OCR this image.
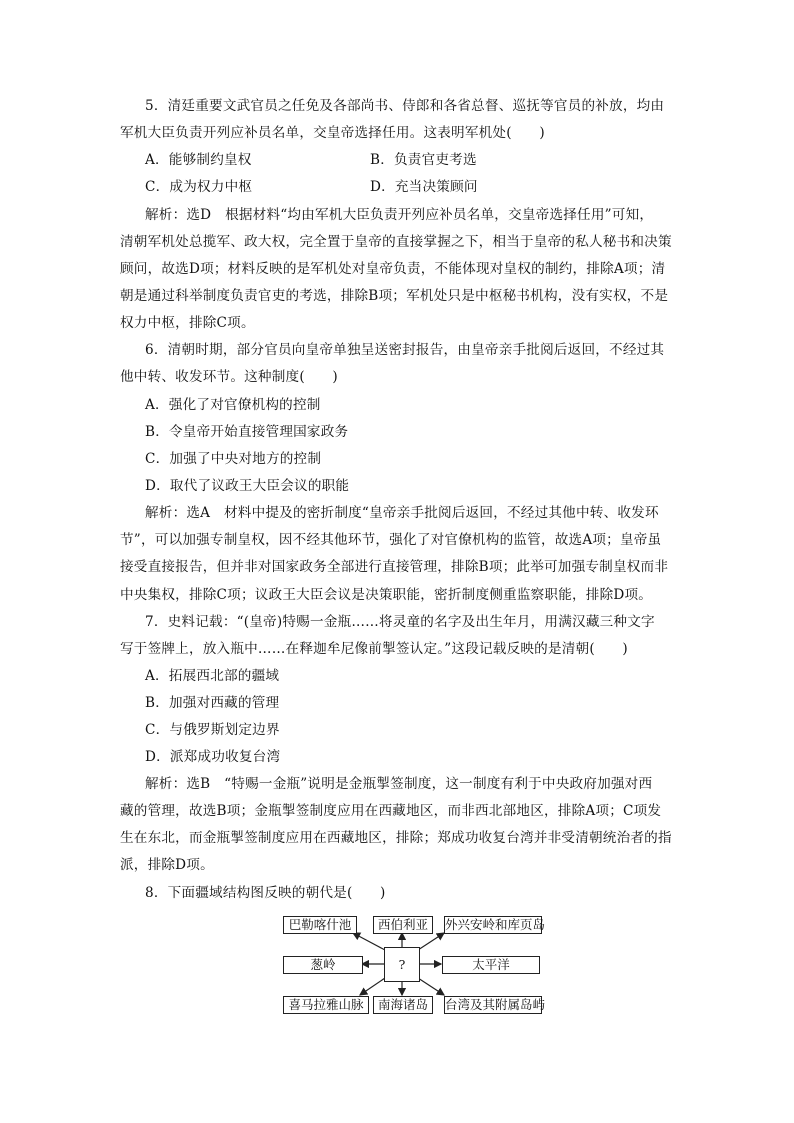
5．清廷重要文武官员之任免及各部尚书、侍郎和各省总督、巡抚等官员的补放，均由
军机大臣负责开列应补员名单，交皇帝选择任用。这表明军机处(　　)
A．能够制约皇权	B．负责官吏考选
C．成为权力中枢	D．充当决策顾问
解析：选D　根据材料“均由军机大臣负责开列应补员名单，交皇帝选择任用”可知，
清朝军机处总揽军、政大权，完全置于皇帝的直接掌握之下，相当于皇帝的私人秘书和决策
顾问，故选D项；材料反映的是军机处对皇帝负责，不能体现对皇权的制约，排除A项；清
朝是通过科举制度负责官吏的考选，排除B项；军机处只是中枢秘书机构，没有实权，不是
权力中枢，排除C项。
6．清朝时期，部分官员向皇帝单独呈送密封报告，由皇帝亲手批阅后返回，不经过其
他中转、收发环节。这种制度(　　)
A．强化了对官僚机构的控制
B．令皇帝开始直接管理国家政务
C．加强了中央对地方的控制
D．取代了议政王大臣会议的职能
解析：选A　材料中提及的密折制度“皇帝亲手批阅后返回，不经过其他中转、收发环
节”，可以加强专制皇权，因不经其他环节，强化了对官僚机构的监管，故选A项；皇帝虽
接受直接报告，但并非对国家政务全部进行直接管理，排除B项；此举可加强专制皇权而非
中央集权，排除C项；议政王大臣会议是决策职能，密折制度侧重监察职能，排除D项。
7．史料记载：“(皇帝)特赐一金瓶……将灵童的名字及出生年月，用满汉藏三种文字
写于签牌上，放入瓶中……在释迦牟尼像前掣签认定。”这段记载反映的是清朝(　　)
A．拓展西北部的疆域
B．加强对西藏的管理
C．与俄罗斯划定边界
D．派郑成功收复台湾
解析：选B　“特赐一金瓶”说明是金瓶掣签制度，这一制度有利于中央政府加强对西
藏的管理，故选B项；金瓶掣签制度应用在西藏地区，而非西北部地区，排除A项；C项发
生在东北，而金瓶掣签制度应用在西藏地区，排除；郑成功收复台湾并非受清朝统治者的指
派，排除D项。
8．下面疆域结构图反映的朝代是(　　)
巴勒喀什池	西伯利亚	外兴安岭和库页岛
葱岭	?	太平洋
喜马拉雅山脉	南海诸岛	台湾及其附属岛屿
